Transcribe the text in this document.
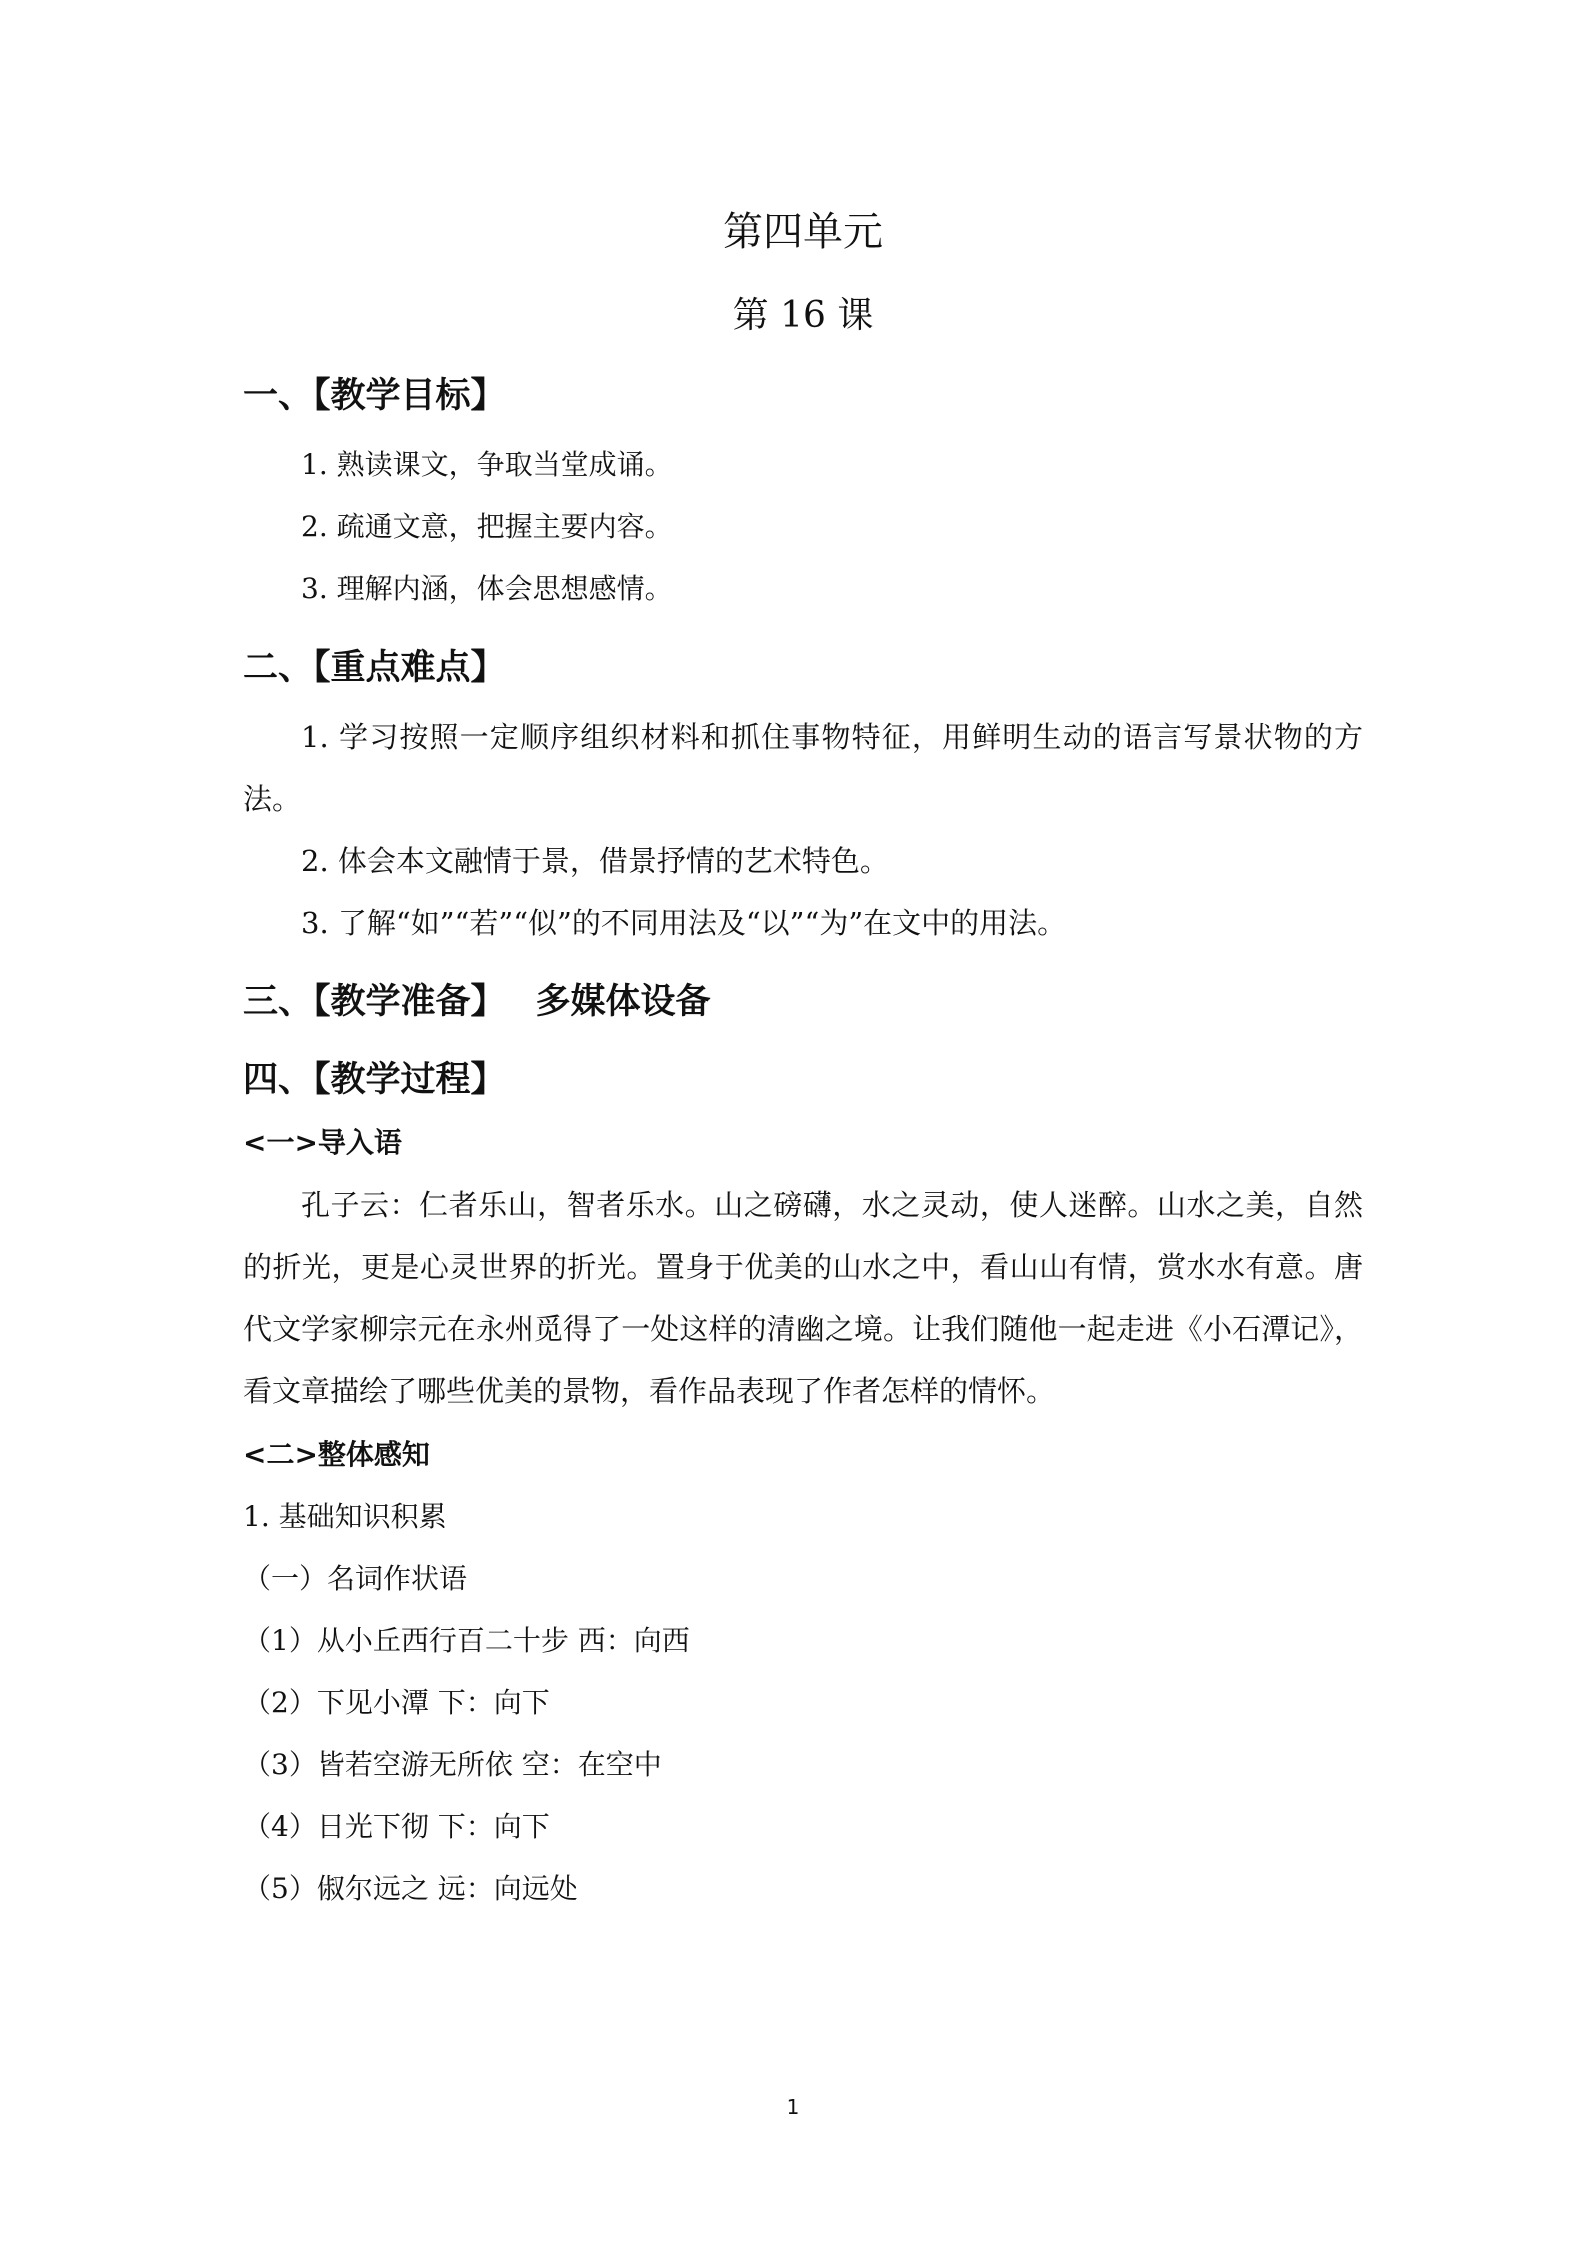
第四单元
第 16 课
一、【教学目标】

1. 熟读课文，争取当堂成诵。

2. 疏通文意，把握主要内容。

3. 理解内涵，体会思想感情。

二、【重点难点】

1. 学习按照一定顺序组织材料和抓住事物特征，用鲜明生动的语言写景状物的方法。

2. 体会本文融情于景，借景抒情的艺术特色。

3. 了解“如”“若”“似”的不同用法及“以”“为”在文中的用法。

三、【教学准备】 多媒体设备
四、【教学过程】
<一>导入语

孔子云：仁者乐山，智者乐水。山之磅礴，水之灵动，使人迷醉。山水之美，自然的折光，更是心灵世界的折光。置身于优美的山水之中，看山山有情，赏水水有意。唐代文学家柳宗元在永州觅得了一处这样的清幽之境。让我们随他一起走进《小石潭记》，看文章描绘了哪些优美的景物，看作品表现了作者怎样的情怀。

<二>整体感知

1. 基础知识积累

（一）名词作状语

（1）从小丘西行百二十步 西：向西

（2）下见小潭 下：向下

（3）皆若空游无所依 空：在空中

（4）日光下彻 下：向下

（5）俶尔远之 远：向远处

1
